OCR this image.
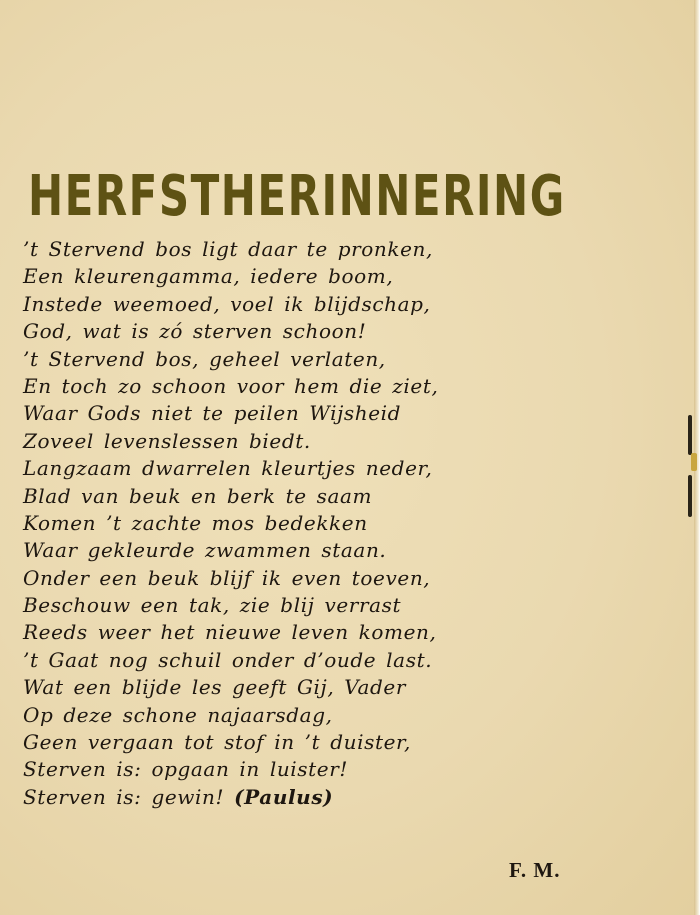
HERFSTHERINNERING
’t Stervend bos ligt daar te pronken,
Een kleurengamma, iedere boom,
Instede weemoed, voel ik blijdschap,
God, wat is zó sterven schoon!
’t Stervend bos, geheel verlaten,
En toch zo schoon voor hem die ziet,
Waar Gods niet te peilen Wijsheid
Zoveel levenslessen biedt.
Langzaam dwarrelen kleurtjes neder,
Blad van beuk en berk te saam
Komen ’t zachte mos bedekken
Waar gekleurde zwammen staan.
Onder een beuk blijf ik even toeven,
Beschouw een tak, zie blij verrast
Reeds weer het nieuwe leven komen,
’t Gaat nog schuil onder d’oude last.
Wat een blijde les geeft Gij, Vader
Op deze schone najaarsdag,
Geen vergaan tot stof in ’t duister,
Sterven is: opgaan in luister!
Sterven is: gewin! (Paulus)
F. M.
